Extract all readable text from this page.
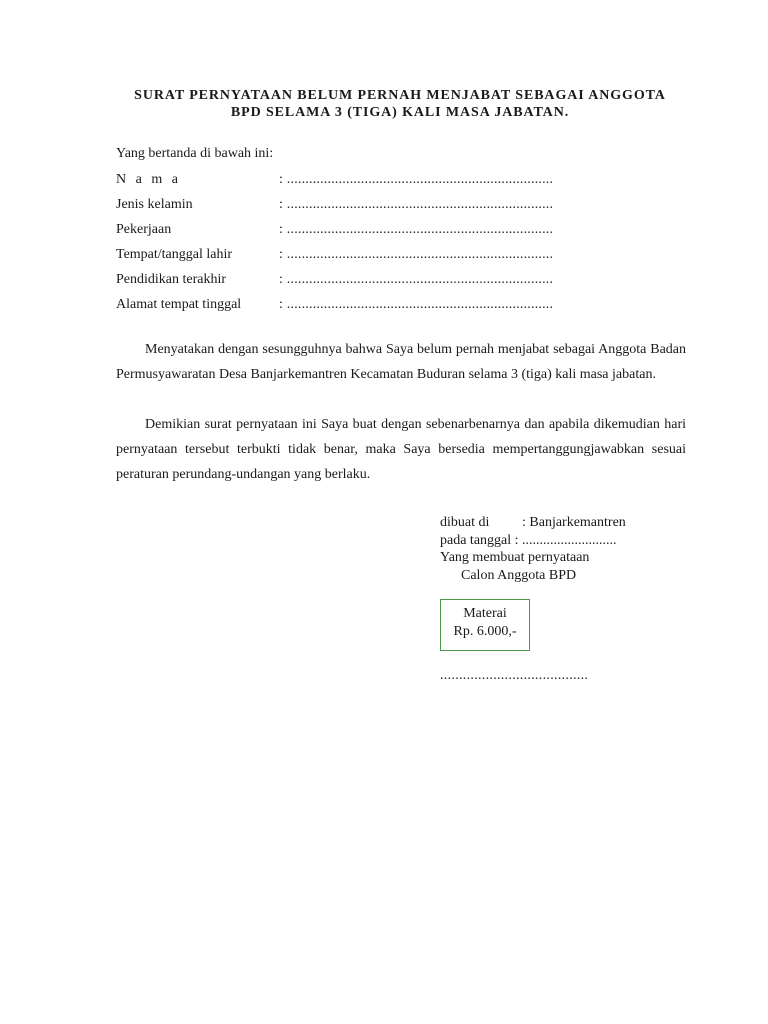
SURAT PERNYATAAN BELUM PERNAH MENJABAT SEBAGAI ANGGOTA
BPD SELAMA 3 (TIGA) KALI MASA JABATAN.
Yang bertanda di bawah ini:
N a m a	: ........................................................................
Jenis kelamin	: ........................................................................
Pekerjaan	: ........................................................................
Tempat/tanggal lahir	: ........................................................................
Pendidikan terakhir	: ........................................................................
Alamat tempat tinggal	: ........................................................................

Menyatakan dengan sesungguhnya bahwa Saya belum pernah menjabat sebagai Anggota Badan Permusyawaratan Desa Banjarkemantren Kecamatan Buduran selama 3 (tiga) kali masa jabatan.

Demikian surat pernyataan ini Saya buat dengan sebenarbenarnya dan apabila dikemudian hari pernyataan tersebut terbukti tidak benar, maka Saya bersedia mempertanggungjawabkan sesuai peraturan perundang-undangan yang berlaku.

dibuat di : Banjarkemantren
pada tanggal : ...........................
Yang membuat pernyataan
Calon Anggota BPD
Materai
Rp. 6.000,-
.......................................
